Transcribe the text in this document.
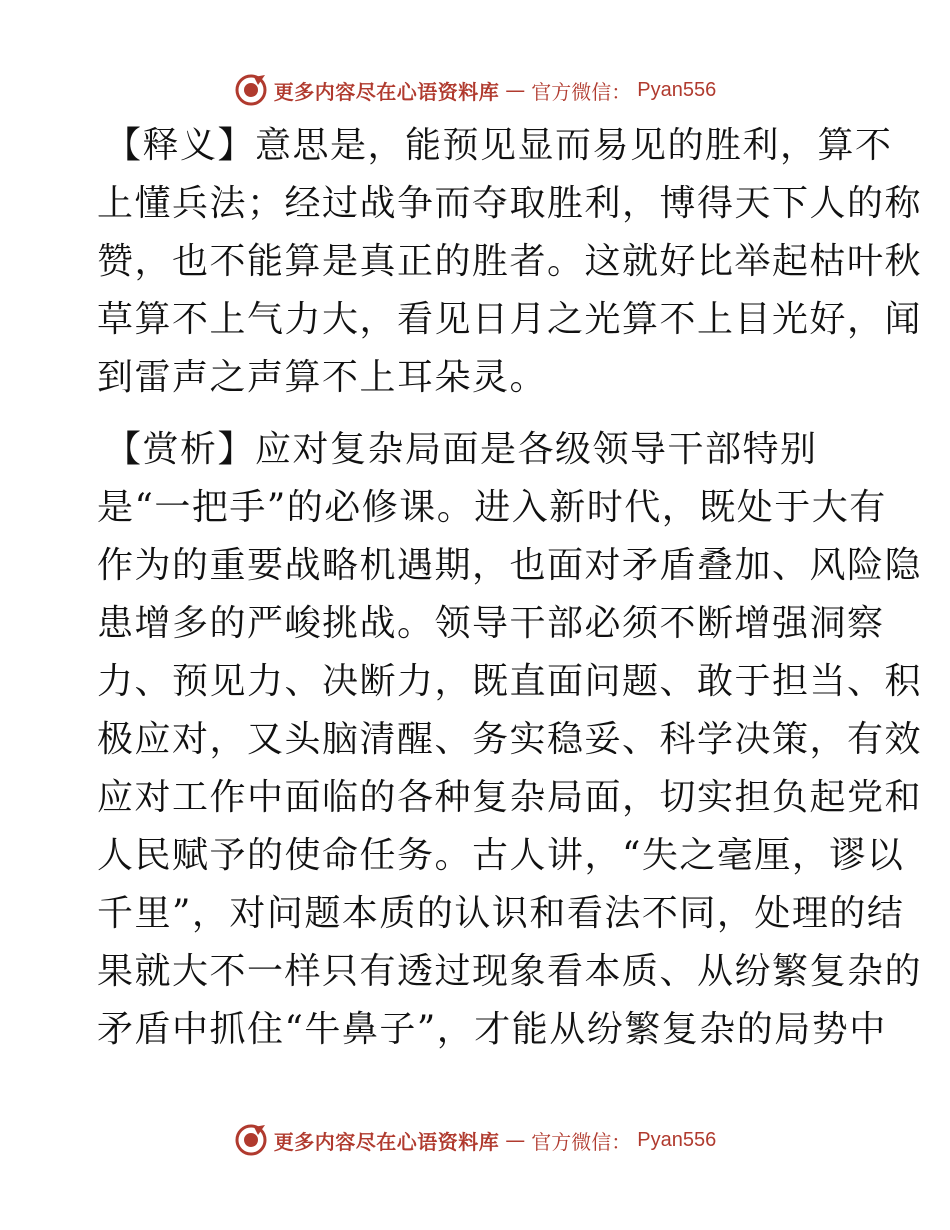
更多内容尽在心语资料库 — 官方微信： Pyan556
【释义】意思是，能预见显而易见的胜利，算不
上懂兵法；经过战争而夺取胜利，博得天下人的称
赞，也不能算是真正的胜者。这就好比举起枯叶秋
草算不上气力大，看见日月之光算不上目光好，闻
到雷声之声算不上耳朵灵。
【赏析】应对复杂局面是各级领导干部特别
是“一把手”的必修课。进入新时代，既处于大有
作为的重要战略机遇期，也面对矛盾叠加、风险隐
患增多的严峻挑战。领导干部必须不断增强洞察
力、预见力、决断力，既直面问题、敢于担当、积
极应对，又头脑清醒、务实稳妥、科学决策，有效
应对工作中面临的各种复杂局面，切实担负起党和
人民赋予的使命任务。古人讲，“失之毫厘，谬以
千里”，对问题本质的认识和看法不同，处理的结
果就大不一样只有透过现象看本质、从纷繁复杂的
矛盾中抓住“牛鼻子”，才能从纷繁复杂的局势中
更多内容尽在心语资料库 — 官方微信： Pyan556
